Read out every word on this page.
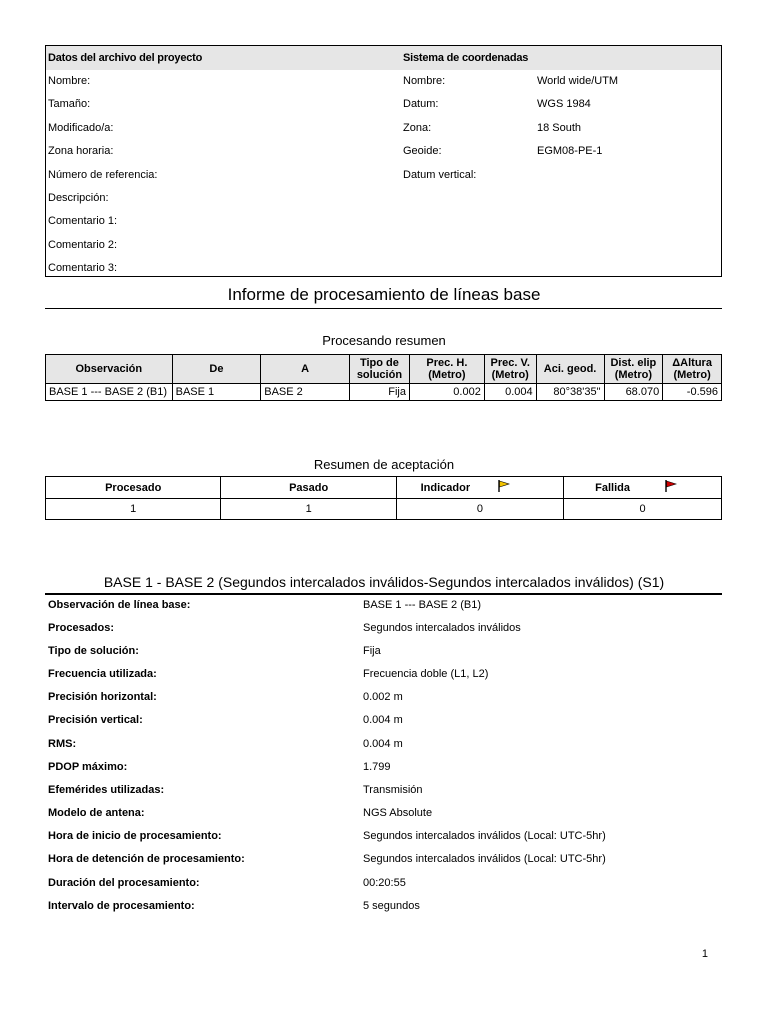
Datos del archivo del proyecto	Sistema de coordenadas
Nombre:	Nombre:	World wide/UTM
Tamaño:	Datum:	WGS 1984
Modificado/a:	Zona:	18 South
Zona horaria:	Geoide:	EGM08-PE-1
Número de referencia:	Datum vertical:
Descripción:
Comentario 1:
Comentario 2:
Comentario 3:
Informe de procesamiento de líneas base
Procesando resumen
Observación	De	A	Tipo de solución	Prec. H. (Metro)	Prec. V. (Metro)	Aci. geod.	Dist. elip (Metro)	ΔAltura (Metro)
BASE 1 --- BASE 2 (B1)	BASE 1	BASE 2	Fija	0.002	0.004	80°38'35"	68.070	-0.596
Resumen de aceptación
Procesado	Pasado	Indicador		Fallida	
1	1	0		0	
BASE 1 - BASE 2 (Segundos intercalados inválidos-Segundos intercalados inválidos) (S1)
Observación de línea base:	BASE 1 --- BASE 2 (B1)
Procesados:	Segundos intercalados inválidos
Tipo de solución:	Fija
Frecuencia utilizada:	Frecuencia doble (L1, L2)
Precisión horizontal:	0.002 m
Precisión vertical:	0.004 m
RMS:	0.004 m
PDOP máximo:	1.799
Efemérides utilizadas:	Transmisión
Modelo de antena:	NGS Absolute
Hora de inicio de procesamiento:	Segundos intercalados inválidos (Local: UTC-5hr)
Hora de detención de procesamiento:	Segundos intercalados inválidos (Local: UTC-5hr)
Duración del procesamiento:	00:20:55
Intervalo de procesamiento:	5 segundos
1
